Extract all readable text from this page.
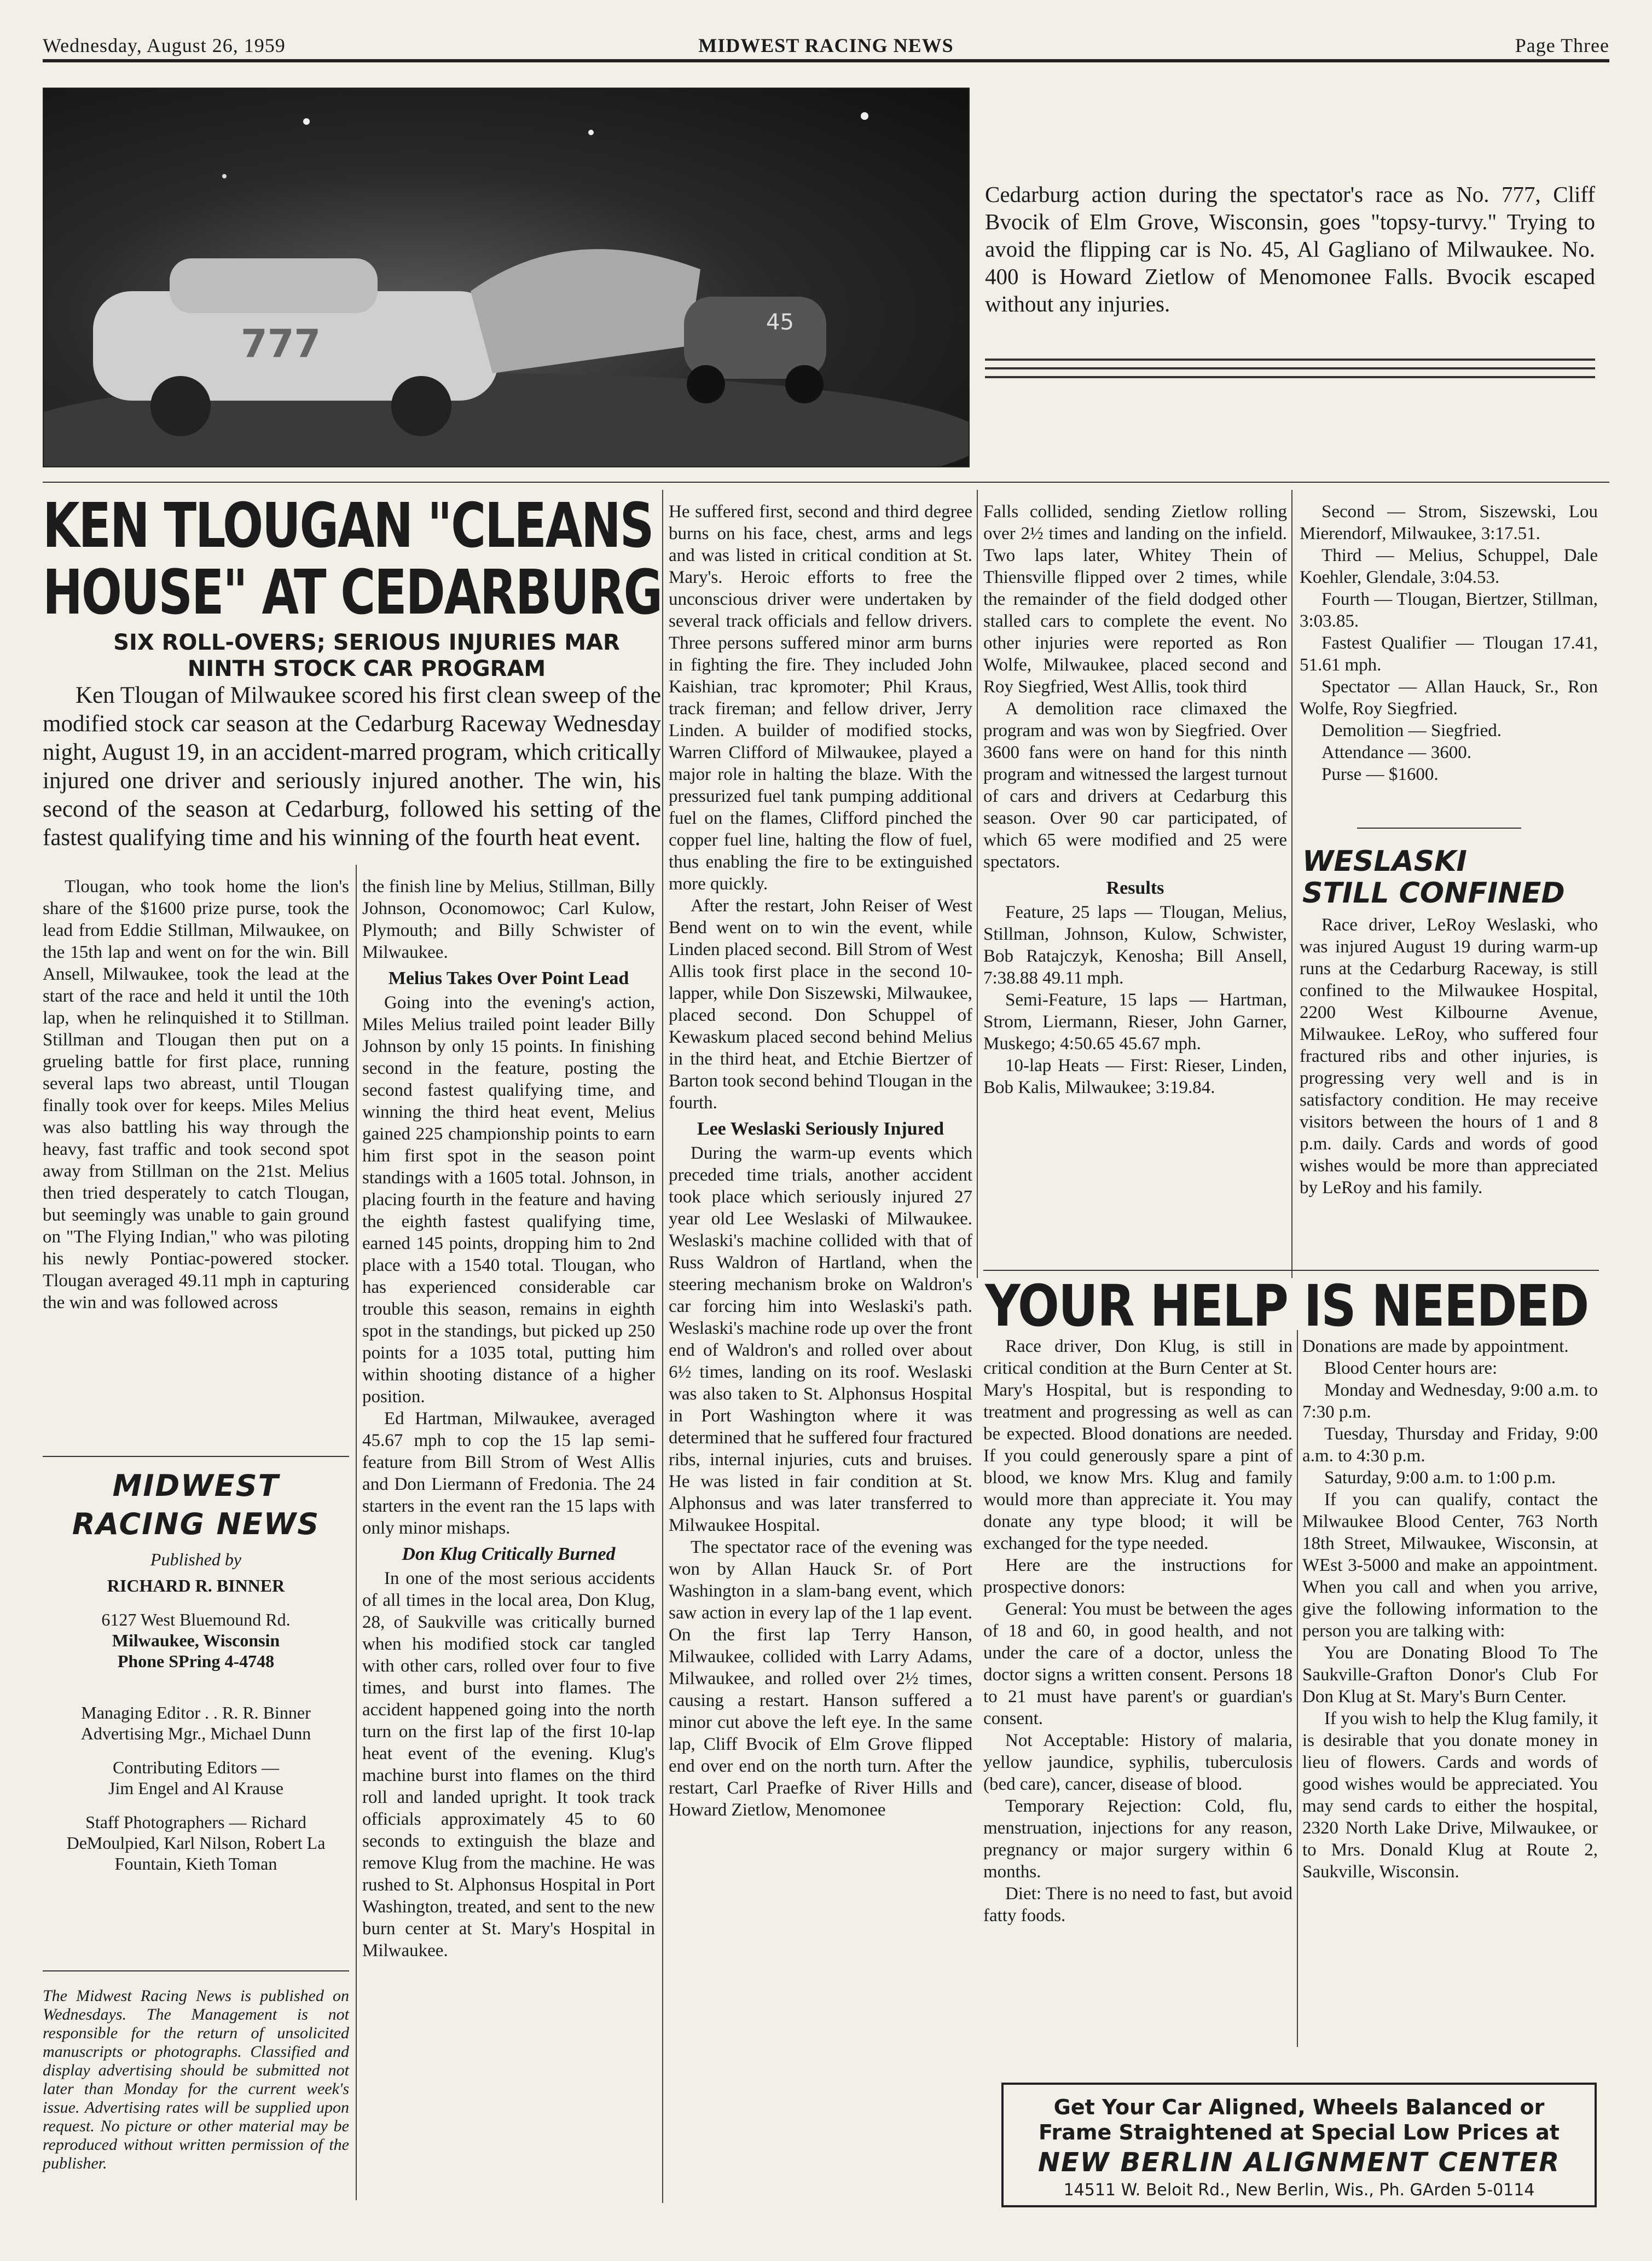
Wednesday, August 26, 1959	MIDWEST RACING NEWS	Page Three
777	45
Cedarburg action during the spectator's race as No. 777, Cliff Bvocik of Elm Grove, Wisconsin, goes "topsy-turvy." Trying to avoid the flipping car is No. 45, Al Gagliano of Milwaukee. No. 400 is Howard Zietlow of Menomonee Falls. Bvocik escaped without any injuries.
KEN TLOUGAN "CLEANS
HOUSE" AT CEDARBURG
SIX ROLL-OVERS; SERIOUS INJURIES MAR NINTH STOCK CAR PROGRAM
Ken Tlougan of Milwaukee scored his first clean sweep of the modified stock car season at the Cedarburg Raceway Wednesday night, August 19, in an accident-marred program, which critically injured one driver and seriously injured another. The win, his second of the season at Cedarburg, followed his setting of the fastest qualifying time and his winning of the fourth heat event.

Tlougan, who took home the lion's share of the $1600 prize purse, took the lead from Eddie Stillman, Milwaukee, on the 15th lap and went on for the win. Bill Ansell, Milwaukee, took the lead at the start of the race and held it until the 10th lap, when he relinquished it to Stillman. Stillman and Tlougan then put on a grueling battle for first place, running several laps two abreast, until Tlougan finally took over for keeps. Miles Melius was also battling his way through the heavy, fast traffic and took second spot away from Stillman on the 21st. Melius then tried desperately to catch Tlougan, but seemingly was unable to gain ground on "The Flying Indian," who was piloting his newly Pontiac-powered stocker. Tlougan averaged 49.11 mph in capturing the win and was followed across

the finish line by Melius, Stillman, Billy Johnson, Oconomowoc; Carl Kulow, Plymouth; and Billy Schwister of Milwaukee.

Melius Takes Over Point Lead

Going into the evening's action, Miles Melius trailed point leader Billy Johnson by only 15 points. In finishing second in the feature, posting the second fastest qualifying time, and winning the third heat event, Melius gained 225 championship points to earn him first spot in the season point standings with a 1605 total. Johnson, in placing fourth in the feature and having the eighth fastest qualifying time, earned 145 points, dropping him to 2nd place with a 1540 total. Tlougan, who has experienced considerable car trouble this season, remains in eighth spot in the standings, but picked up 250 points for a 1035 total, putting him within shooting distance of a higher position.

Ed Hartman, Milwaukee, averaged 45.67 mph to cop the 15 lap semi-feature from Bill Strom of West Allis and Don Liermann of Fredonia. The 24 starters in the event ran the 15 laps with only minor mishaps.

Don Klug Critically Burned

In one of the most serious accidents of all times in the local area, Don Klug, 28, of Saukville was critically burned when his modified stock car tangled with other cars, rolled over four to five times, and burst into flames. The accident happened going into the north turn on the first lap of the first 10-lap heat event of the evening. Klug's machine burst into flames on the third roll and landed upright. It took track officials approximately 45 to 60 seconds to extinguish the blaze and remove Klug from the machine. He was rushed to St. Alphonsus Hospital in Port Washington, treated, and sent to the new burn center at St. Mary's Hospital in Milwaukee.

He suffered first, second and third degree burns on his face, chest, arms and legs and was listed in critical condition at St. Mary's. Heroic efforts to free the unconscious driver were undertaken by several track officials and fellow drivers. Three persons suffered minor arm burns in fighting the fire. They included John Kaishian, trac kpromoter; Phil Kraus, track fireman; and fellow driver, Jerry Linden. A builder of modified stocks, Warren Clifford of Milwaukee, played a major role in halting the blaze. With the pressurized fuel tank pumping additional fuel on the flames, Clifford pinched the copper fuel line, halting the flow of fuel, thus enabling the fire to be extinguished more quickly.

After the restart, John Reiser of West Bend went on to win the event, while Linden placed second. Bill Strom of West Allis took first place in the second 10-lapper, while Don Siszewski, Milwaukee, placed second. Don Schuppel of Kewaskum placed second behind Melius in the third heat, and Etchie Biertzer of Barton took second behind Tlougan in the fourth.

Lee Weslaski Seriously Injured

During the warm-up events which preceded time trials, another accident took place which seriously injured 27 year old Lee Weslaski of Milwaukee. Weslaski's machine collided with that of Russ Waldron of Hartland, when the steering mechanism broke on Waldron's car forcing him into Weslaski's path. Weslaski's machine rode up over the front end of Waldron's and rolled over about 6½ times, landing on its roof. Weslaski was also taken to St. Alphonsus Hospital in Port Washington where it was determined that he suffered four fractured ribs, internal injuries, cuts and bruises. He was listed in fair condition at St. Alphonsus and was later transferred to Milwaukee Hospital.

The spectator race of the evening was won by Allan Hauck Sr. of Port Washington in a slam-bang event, which saw action in every lap of the 1 lap event. On the first lap Terry Hanson, Milwaukee, collided with Larry Adams, Milwaukee, and rolled over 2½ times, causing a restart. Hanson suffered a minor cut above the left eye. In the same lap, Cliff Bvocik of Elm Grove flipped end over end on the north turn. After the restart, Carl Praefke of River Hills and Howard Zietlow, Menomonee

Falls collided, sending Zietlow rolling over 2½ times and landing on the infield. Two laps later, Whitey Thein of Thiensville flipped over 2 times, while the remainder of the field dodged other stalled cars to complete the event. No other injuries were reported as Ron Wolfe, Milwaukee, placed second and Roy Siegfried, West Allis, took third

A demolition race climaxed the program and was won by Siegfried. Over 3600 fans were on hand for this ninth program and witnessed the largest turnout of cars and drivers at Cedarburg this season. Over 90 car participated, of which 65 were modified and 25 were spectators.

Results

Feature, 25 laps — Tlougan, Melius, Stillman, Johnson, Kulow, Schwister, Bob Ratajczyk, Kenosha; Bill Ansell, 7:38.88 49.11 mph.

Semi-Feature, 15 laps — Hartman, Strom, Liermann, Rieser, John Garner, Muskego; 4:50.65 45.67 mph.

10-lap Heats — First: Rieser, Linden, Bob Kalis, Milwaukee; 3:19.84.

Second — Strom, Siszewski, Lou Mierendorf, Milwaukee, 3:17.51.

Third — Melius, Schuppel, Dale Koehler, Glendale, 3:04.53.

Fourth — Tlougan, Biertzer, Stillman, 3:03.85.

Fastest Qualifier — Tlougan 17.41, 51.61 mph.

Spectator — Allan Hauck, Sr., Ron Wolfe, Roy Siegfried.

Demolition — Siegfried.

Attendance — 3600.

Purse — $1600.

WESLASKI
STILL CONFINED

Race driver, LeRoy Weslaski, who was injured August 19 during warm-up runs at the Cedarburg Raceway, is still confined to the Milwaukee Hospital, 2200 West Kilbourne Avenue, Milwaukee. LeRoy, who suffered four fractured ribs and other injuries, is progressing very well and is in satisfactory condition. He may receive visitors between the hours of 1 and 8 p.m. daily. Cards and words of good wishes would be more than appreciated by LeRoy and his family.

YOUR HELP IS NEEDED

Race driver, Don Klug, is still in critical condition at the Burn Center at St. Mary's Hospital, but is responding to treatment and progressing as well as can be expected. Blood donations are needed. If you could generously spare a pint of blood, we know Mrs. Klug and family would more than appreciate it. You may donate any type blood; it will be exchanged for the type needed.

Here are the instructions for prospective donors:

General: You must be between the ages of 18 and 60, in good health, and not under the care of a doctor, unless the doctor signs a written consent. Persons 18 to 21 must have parent's or guardian's consent.

Not Acceptable: History of malaria, yellow jaundice, syphilis, tuberculosis (bed care), cancer, disease of blood.

Temporary Rejection: Cold, flu, menstruation, injections for any reason, pregnancy or major surgery within 6 months.

Diet: There is no need to fast, but avoid fatty foods.

Donations are made by appointment.

Blood Center hours are:

Monday and Wednesday, 9:00 a.m. to 7:30 p.m.

Tuesday, Thursday and Friday, 9:00 a.m. to 4:30 p.m.

Saturday, 9:00 a.m. to 1:00 p.m.

If you can qualify, contact the Milwaukee Blood Center, 763 North 18th Street, Milwaukee, Wisconsin, at WEst 3-5000 and make an appointment. When you call and when you arrive, give the following information to the person you are talking with:

You are Donating Blood To The Saukville-Grafton Donor's Club For Don Klug at St. Mary's Burn Center.

If you wish to help the Klug family, it is desirable that you donate money in lieu of flowers. Cards and words of good wishes would be appreciated. You may send cards to either the hospital, 2320 North Lake Drive, Milwaukee, or to Mrs. Donald Klug at Route 2, Saukville, Wisconsin.

MIDWEST
RACING NEWS
Published by
RICHARD R. BINNER
6127 West Bluemound Rd.
Milwaukee, Wisconsin
Phone SPring 4-4748
Managing Editor . . R. R. Binner
Advertising Mgr., Michael Dunn
Contributing Editors —
Jim Engel and Al Krause
Staff Photographers — Richard DeMoulpied, Karl Nilson, Robert La Fountain, Kieth Toman
The Midwest Racing News is published on Wednesdays. The Management is not responsible for the return of unsolicited manuscripts or photographs. Classified and display advertising should be submitted not later than Monday for the current week's issue. Advertising rates will be supplied upon request. No picture or other material may be reproduced without written permission of the publisher.
Get Your Car Aligned, Wheels Balanced or
Frame Straightened at Special Low Prices at
NEW BERLIN ALIGNMENT CENTER
14511 W. Beloit Rd., New Berlin, Wis., Ph. GArden 5-0114
